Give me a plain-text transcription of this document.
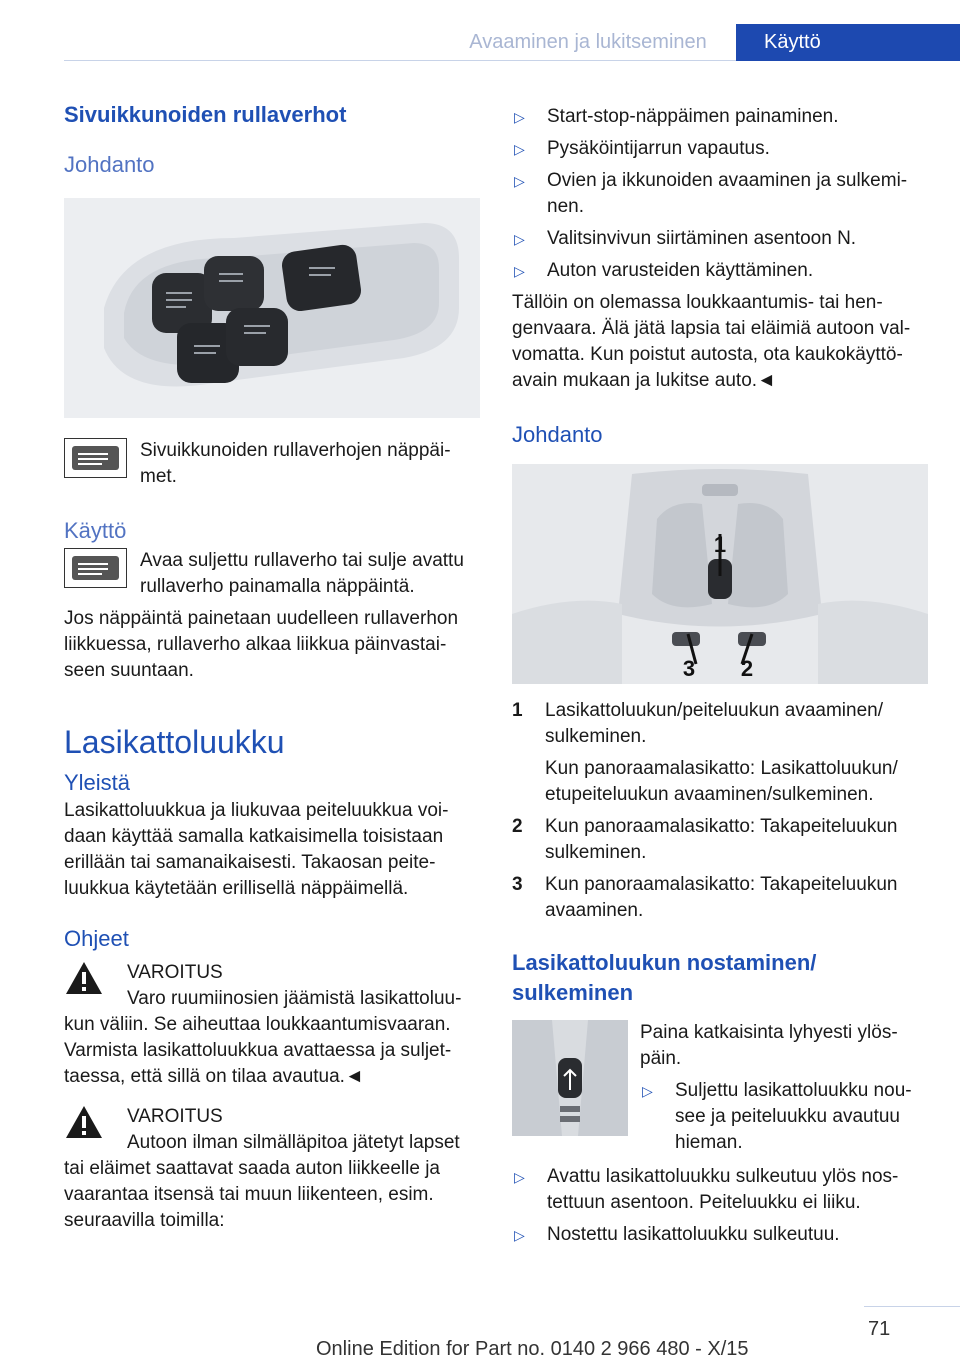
Avaaminen ja lukitseminen	Käyttö
Sivuikkunoiden rullaverhot
Johdanto

Sivuikkunoiden rullaverhojen näppäi-met.

Käyttö

Avaa suljettu rullaverho tai sulje avattu rullaverho painamalla näppäintä.

Jos näppäintä painetaan uudelleen rullaverhon liikkuessa, rullaverho alkaa liikkua päinvastai-seen suuntaan.

Lasikattoluukku
Yleistä

Lasikattoluukkua ja liukuvaa peiteluukkua voi-daan käyttää samalla katkaisimella toisistaan erillään tai samanaikaisesti. Takaosan peite-luukkua käytetään erillisellä näppäimellä.

Ohjeet

VAROITUS

Varo ruumiinosien jäämistä lasikattoluu-

kun väliin. Se aiheuttaa loukkaantumisvaaran. Varmista lasikattoluukkua avattaessa ja suljet-taessa, että sillä on tilaa avautua.◄

VAROITUS

Autoon ilman silmälläpitoa jätetyt lapset

tai eläimet saattavat saada auton liikkeelle ja vaarantaa itsensä tai muun liikenteen, esim. seuraavilla toimilla:

▷	Start-stop-näppäimen painaminen.
▷	Pysäköintijarrun vapautus.
▷	Ovien ja ikkunoiden avaaminen ja sulkemi-nen.
▷	Valitsinvivun siirtäminen asentoon N.
▷	Auton varusteiden käyttäminen.

Tällöin on olemassa loukkaantumis- tai hen-genvaara. Älä jätä lapsia tai eläimiä autoon val-vomatta. Kun poistut autosta, ota kaukokäyttö-avain mukaan ja lukitse auto.◄

Johdanto
1
3 2
1	Lasikattoluukun/peiteluukun avaaminen/ sulkeminen.

Kun panoraamalasikatto: Lasikattoluukun/ etupeiteluukun avaaminen/sulkeminen.

2	Kun panoraamalasikatto: Takapeiteluukun sulkeminen.

3	Kun panoraamalasikatto: Takapeiteluukun avaaminen.

Lasikattoluukun nostaminen/ sulkeminen

Paina katkaisinta lyhyesti ylös-päin.

▷	Suljettu lasikattoluukku nou-see ja peiteluukku avautuu hieman.
▷	Avattu lasikattoluukku sulkeutuu ylös nos-tettuun asentoon. Peiteluukku ei liiku.
▷	Nostettu lasikattoluukku sulkeutuu.
71
Online Edition for Part no. 0140 2 966 480 - X/15
